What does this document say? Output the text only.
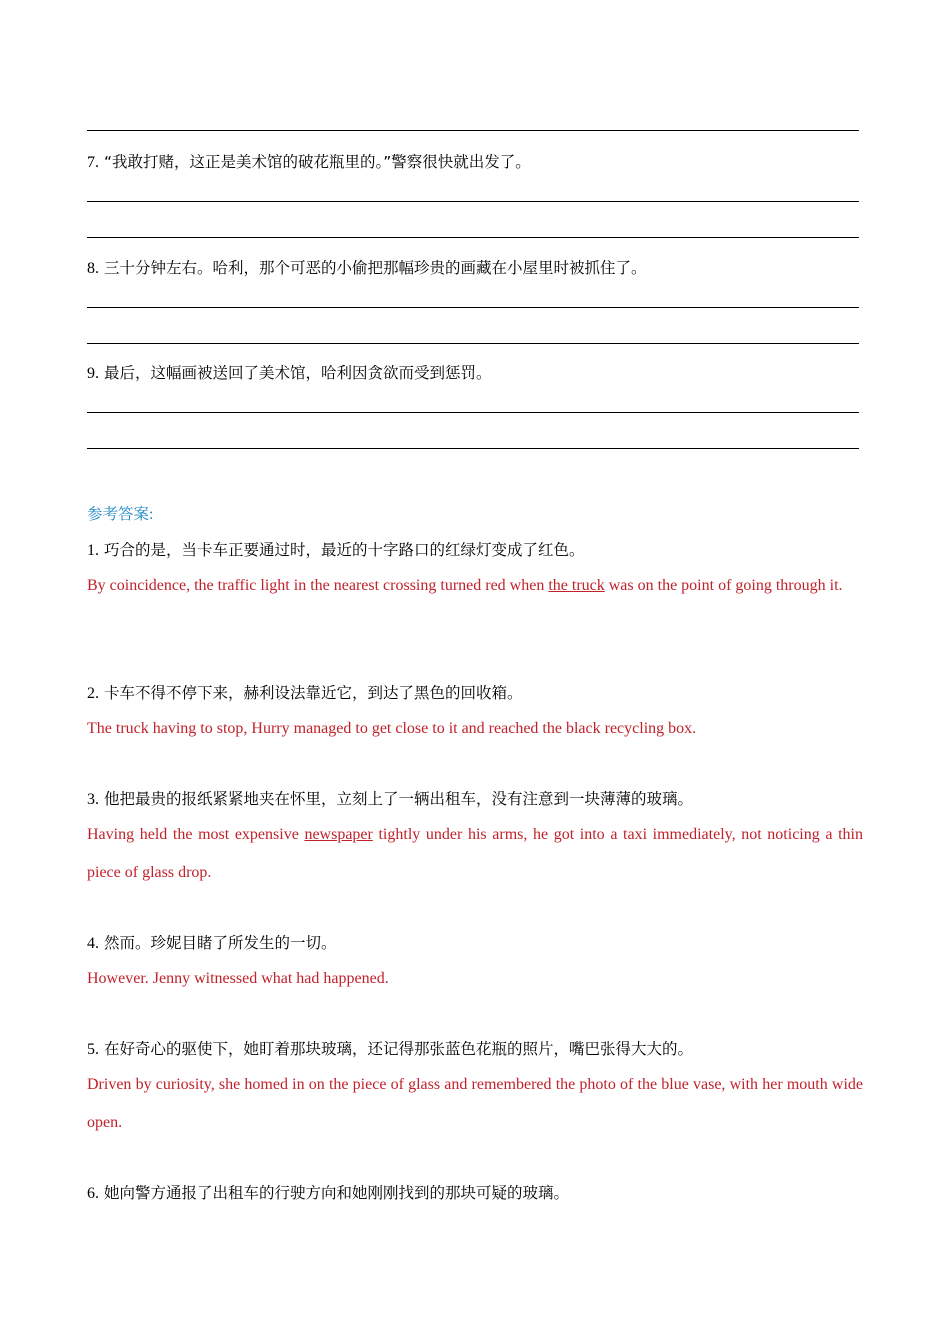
7. “我敢打赌，这正是美术馆的破花瓶里的。”警察很快就出发了。
8. 三十分钟左右。哈利，那个可恶的小偷把那幅珍贵的画藏在小屋里时被抓住了。
9. 最后，这幅画被送回了美术馆，哈利因贪欲而受到惩罚。
参考答案:
1. 巧合的是，当卡车正要通过时，最近的十字路口的红绿灯变成了红色。
By coincidence, the traffic light in the nearest crossing turned red when the truck was on the point of going through it.
2. 卡车不得不停下来，赫利设法靠近它，到达了黑色的回收箱。
The truck having to stop, Hurry managed to get close to it and reached the black recycling box.
3. 他把最贵的报纸紧紧地夹在怀里，立刻上了一辆出租车，没有注意到一块薄薄的玻璃。
Having held the most expensive newspaper tightly under his arms, he got into a taxi immediately, not noticing a thin piece of glass drop.
4. 然而。珍妮目睹了所发生的一切。
However. Jenny witnessed what had happened.
5. 在好奇心的驱使下，她盯着那块玻璃，还记得那张蓝色花瓶的照片，嘴巴张得大大的。
Driven by curiosity, she homed in on the piece of glass and remembered the photo of the blue vase, with her mouth wide open.
6. 她向警方通报了出租车的行驶方向和她刚刚找到的那块可疑的玻璃。
